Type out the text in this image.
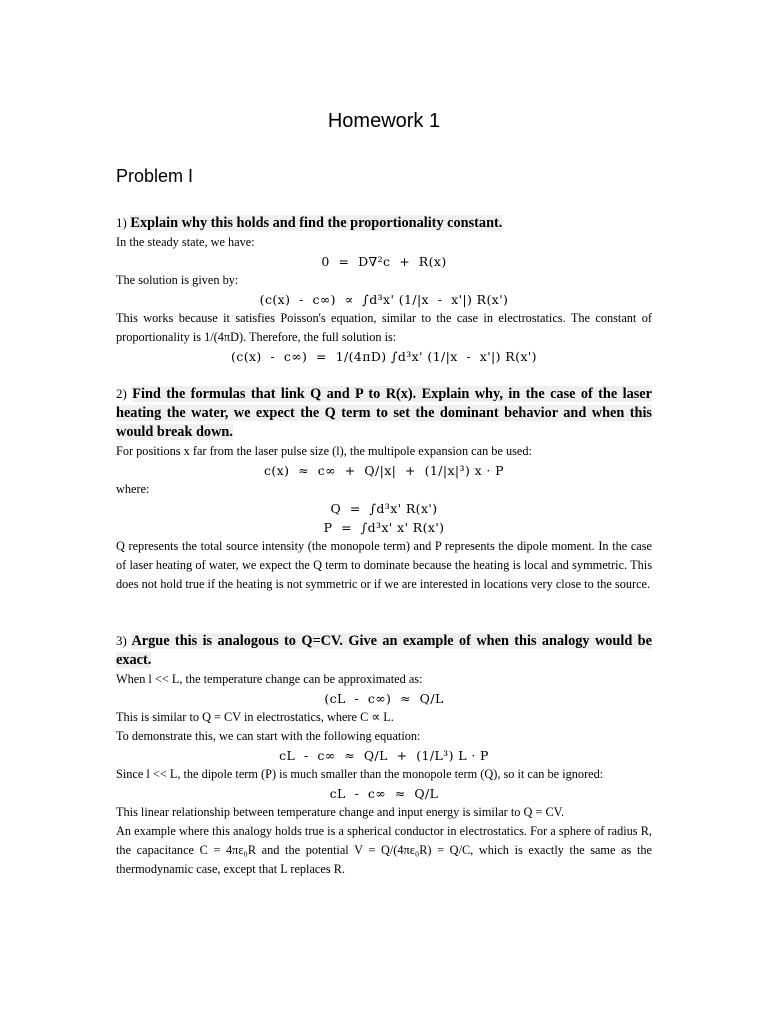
Homework 1
Problem I

1) Explain why this holds and find the proportionality constant.

In the steady state, we have:

0  =  D∇²c  +  R(x)

The solution is given by:

(c(x)  -  c∞)  ∝  ∫d³x' (1/|x  -  x'|) R(x')

This works because it satisfies Poisson's equation, similar to the case in electrostatics. The constant of proportionality is 1/(4πD). Therefore, the full solution is:

(c(x)  -  c∞)  =  1/(4πD) ∫d³x' (1/|x  -  x'|) R(x')

2) Find the formulas that link Q and P to R(x). Explain why, in the case of the laser heating the water, we expect the Q term to set the dominant behavior and when this would break down.

For positions x far from the laser pulse size (l), the multipole expansion can be used:

c(x)  ≈  c∞  +  Q/|x|  +  (1/|x|³) x · P

where:

Q  =  ∫d³x' R(x')

P  =  ∫d³x' x' R(x')

Q represents the total source intensity (the monopole term) and P represents the dipole moment. In the case of laser heating of water, we expect the Q term to dominate because the heating is local and symmetric. This does not hold true if the heating is not symmetric or if we are interested in locations very close to the source.

3) Argue this is analogous to Q=CV. Give an example of when this analogy would be exact.

When l << L, the temperature change can be approximated as:

(cL  -  c∞)  ≈  Q/L

This is similar to Q = CV in electrostatics, where C ∝ L.

To demonstrate this, we can start with the following equation:

cL  -  c∞  ≈  Q/L  +  (1/L³) L · P

Since l << L, the dipole term (P) is much smaller than the monopole term (Q), so it can be ignored:

cL  -  c∞  ≈  Q/L

This linear relationship between temperature change and input energy is similar to Q = CV.

An example where this analogy holds true is a spherical conductor in electrostatics. For a sphere of radius R, the capacitance C = 4πε₀R and the potential V = Q/(4πε₀R) = Q/C, which is exactly the same as the thermodynamic case, except that L replaces R.
